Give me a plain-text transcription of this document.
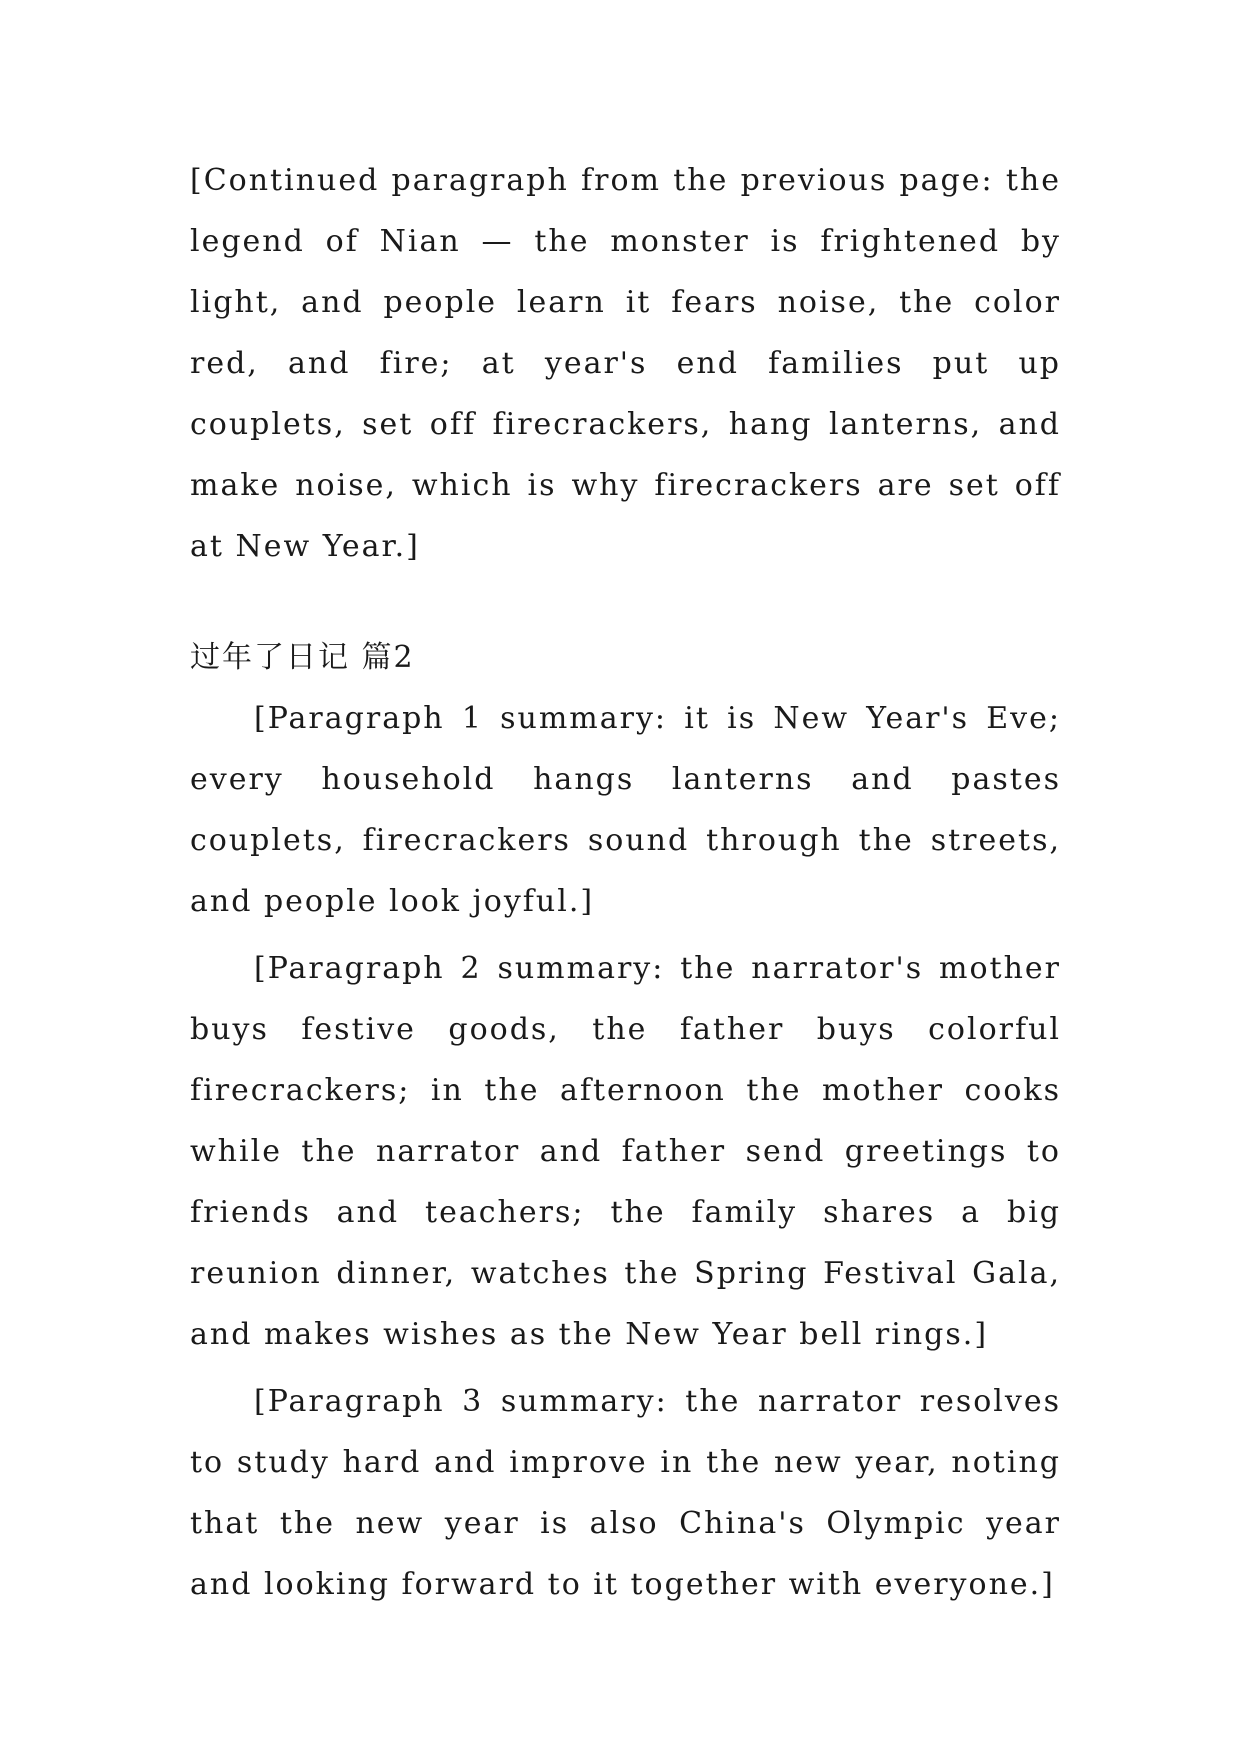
[Continued paragraph from the previous page: the legend of Nian — the monster is frightened by light, and people learn it fears noise, the color red, and fire; at year's end families put up couplets, set off firecrackers, hang lanterns, and make noise, which is why firecrackers are set off at New Year.]

过年了日记 篇2

[Paragraph 1 summary: it is New Year's Eve; every household hangs lanterns and pastes couplets, firecrackers sound through the streets, and people look joyful.]

[Paragraph 2 summary: the narrator's mother buys festive goods, the father buys colorful firecrackers; in the afternoon the mother cooks while the narrator and father send greetings to friends and teachers; the family shares a big reunion dinner, watches the Spring Festival Gala, and makes wishes as the New Year bell rings.]

[Paragraph 3 summary: the narrator resolves to study hard and improve in the new year, noting that the new year is also China's Olympic year and looking forward to it together with everyone.]
